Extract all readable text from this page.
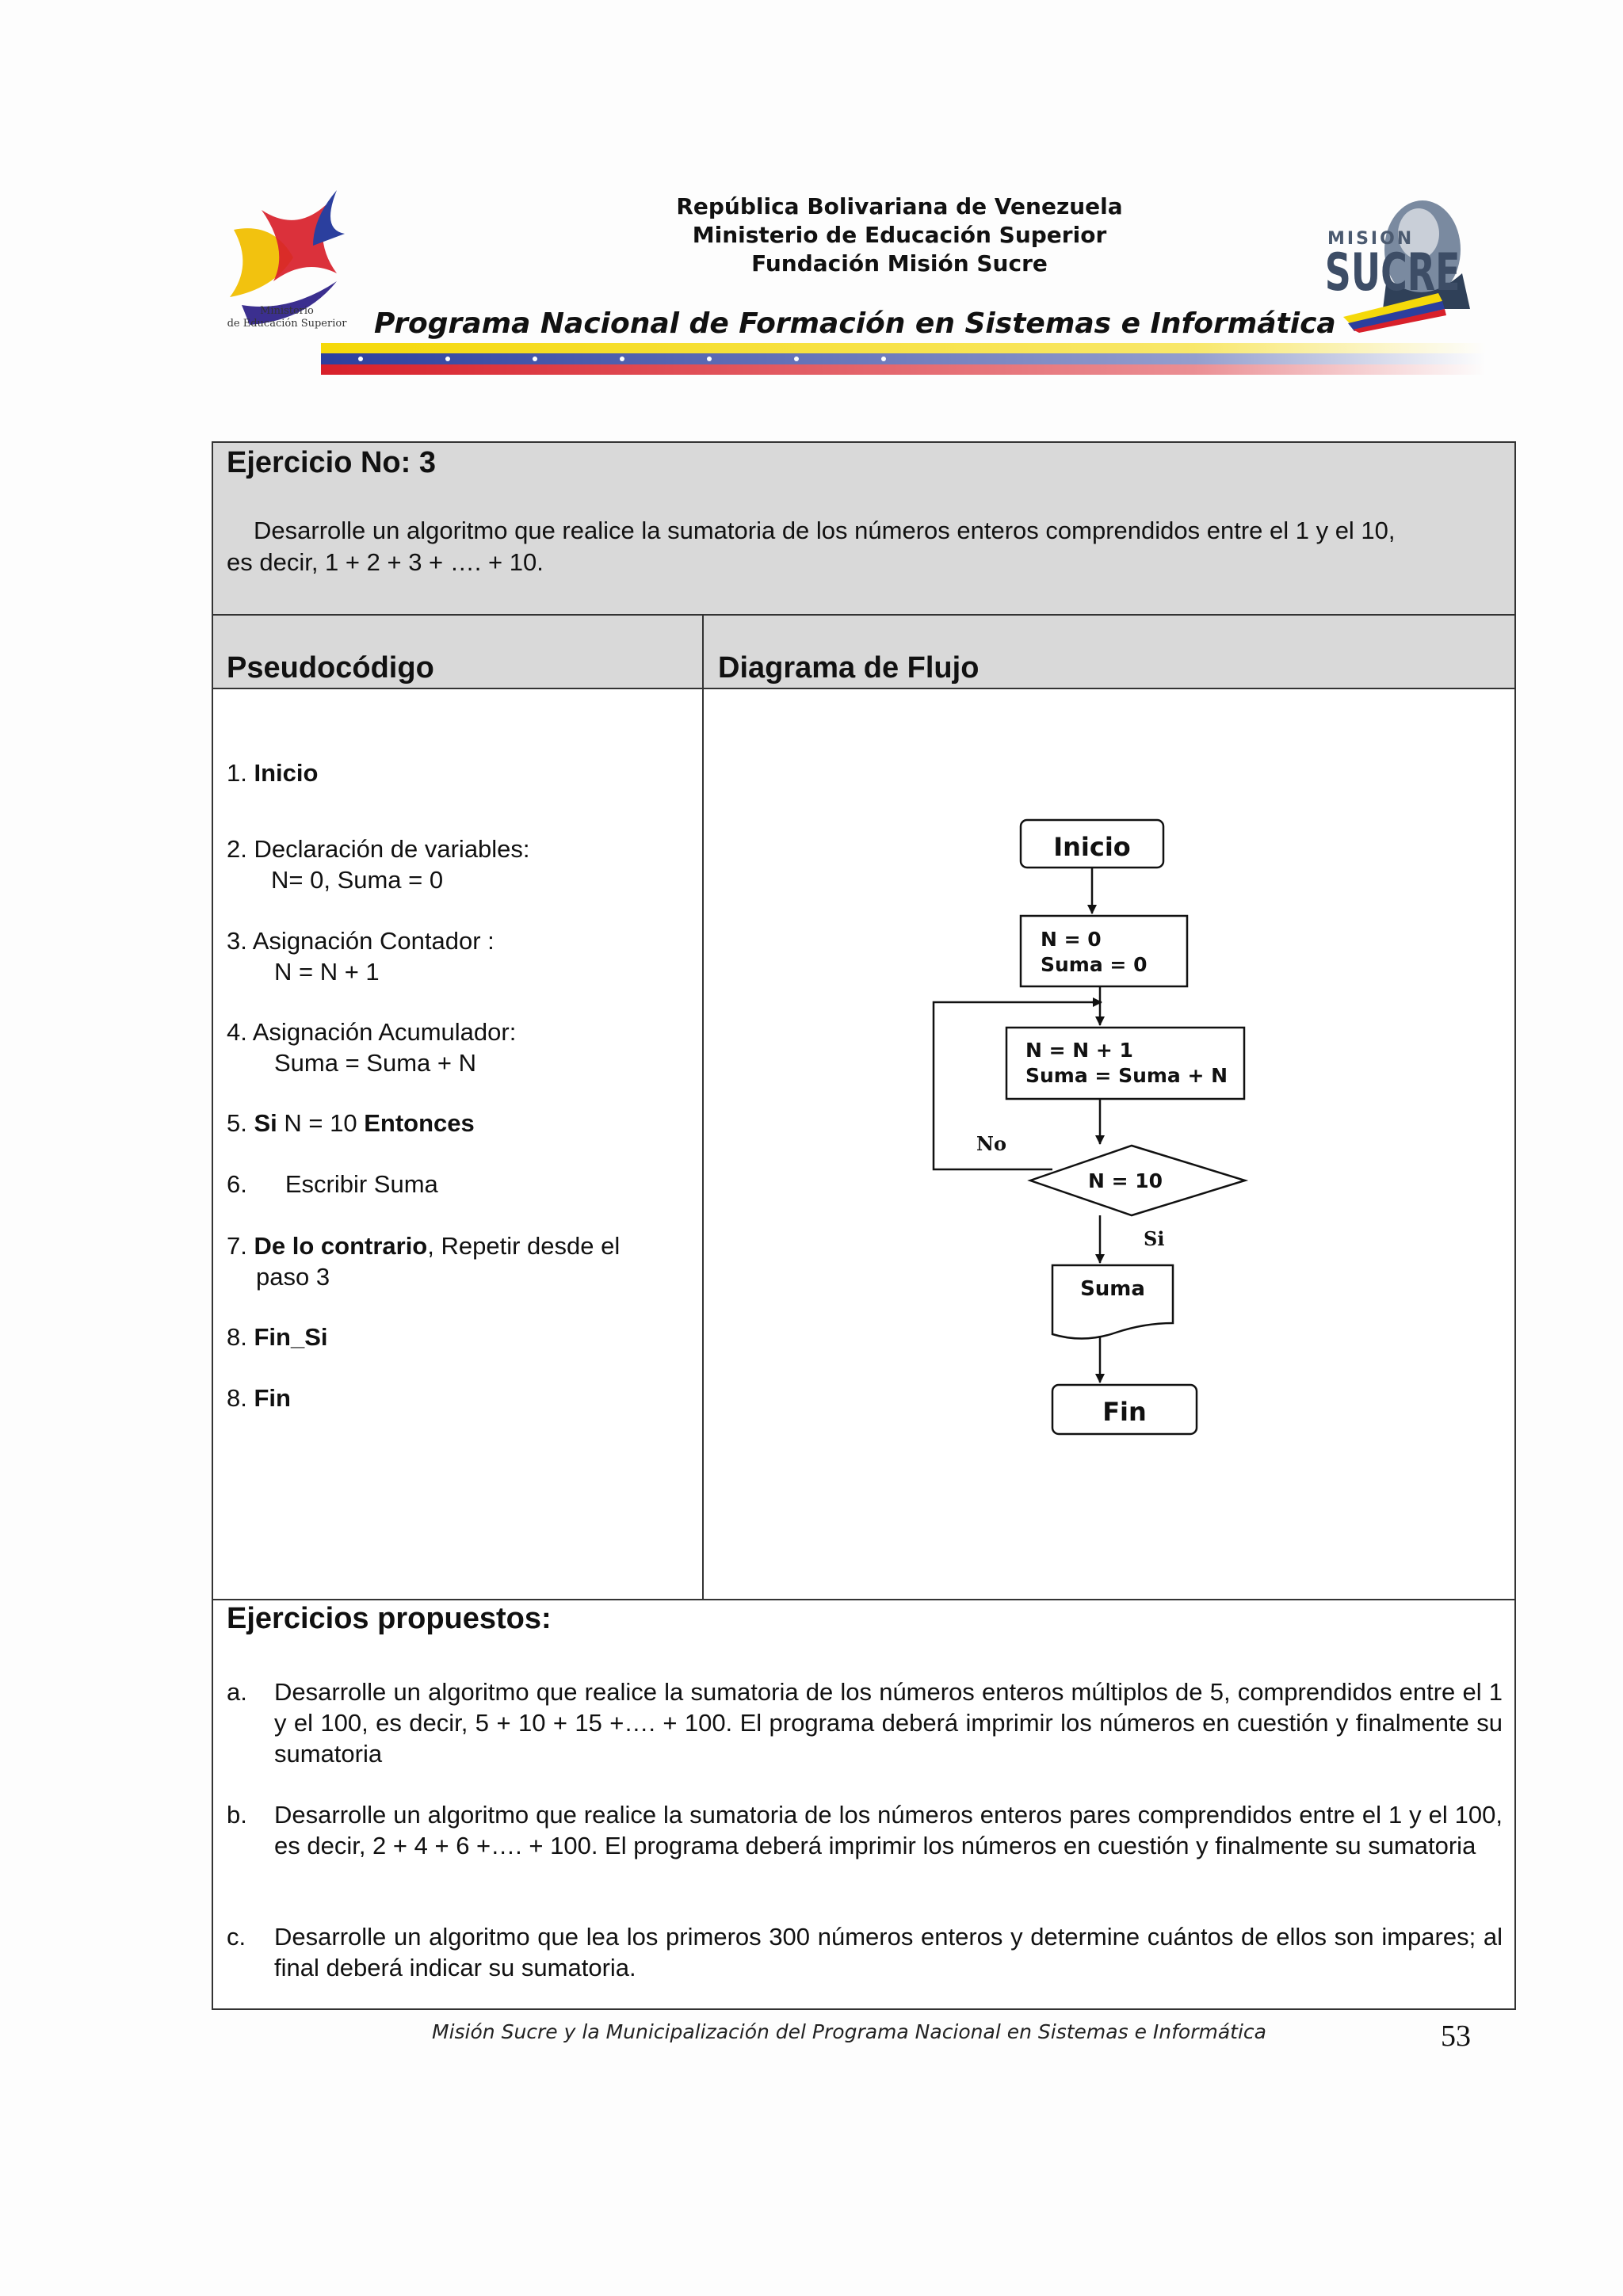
Ministerio
de Educación Superior
República Bolivariana de Venezuela
Ministerio de Educación Superior
Fundación Misión Sucre
Programa Nacional de Formación en Sistemas e Informática
MISION
SUCRE
Ejercicio No: 3
Desarrolle un algoritmo que realice la sumatoria de los números enteros comprendidos entre el 1 y el 10,
es decir, 1 + 2 + 3 + …. + 10.
Pseudocódigo	Diagrama de Flujo
1. Inicio
2. Declaración de variables:
N= 0, Suma = 0
3. Asignación Contador :
N = N + 1
4. Asignación Acumulador:
Suma = Suma + N
5. Si N = 10 Entonces
6. Escribir Suma
7. De lo contrario, Repetir desde el
paso 3
8. Fin_Si
8. Fin
Inicio
N = 0
Suma = 0
N = N + 1
Suma = Suma + N
N = 10
Suma
Fin
No
Si
Ejercicios propuestos:
a. Desarrolle un algoritmo que realice la sumatoria de los números enteros múltiplos de 5, comprendidos entre el 1 y el 100, es decir, 5 + 10 + 15 +…. + 100. El programa deberá imprimir los números en cuestión y finalmente su sumatoria
b. Desarrolle un algoritmo que realice la sumatoria de los números enteros pares comprendidos entre el 1 y el 100, es decir, 2 + 4 + 6 +…. + 100. El programa deberá imprimir los números en cuestión y finalmente su sumatoria
c. Desarrolle un algoritmo que lea los primeros 300 números enteros y determine cuántos de ellos son impares; al final deberá indicar su sumatoria.
Misión Sucre y la Municipalización del Programa Nacional en Sistemas e Informática	53
